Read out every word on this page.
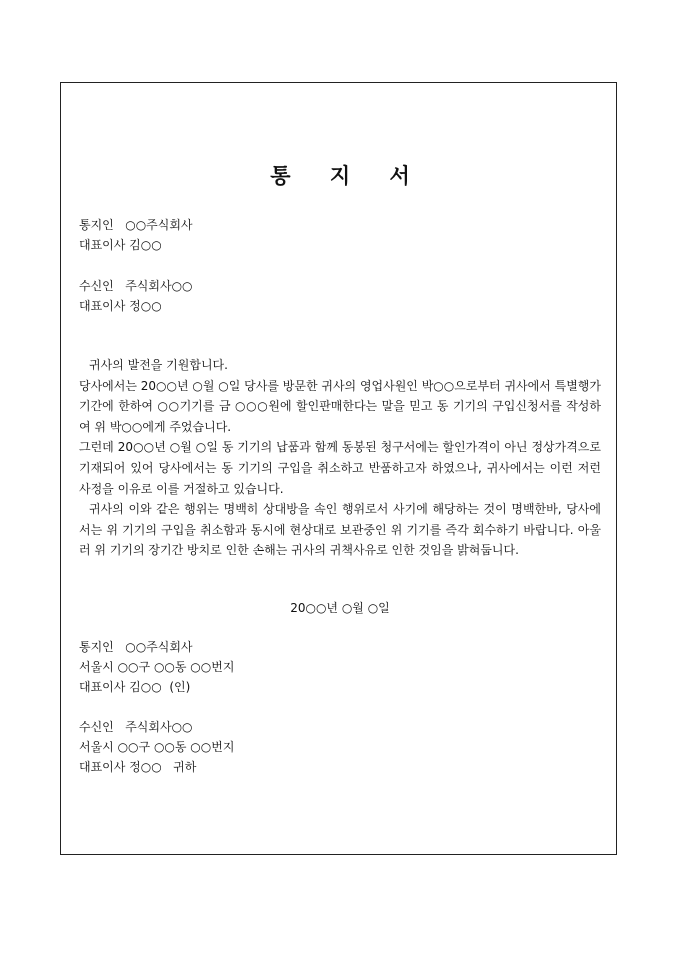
통 지 서
통지인   ○○주식회사
대표이사 김○○
수신인   주식회사○○
대표이사 정○○

귀사의 발전을 기원합니다.

당사에서는 20○○년 ○월 ○일 당사를 방문한 귀사의 영업사원인 박○○으로부터 귀사에서 특별행가기간에 한하여 ○○기기를 금 ○○○원에 할인판매한다는 말을 믿고 동 기기의 구입신청서를 작성하여 위 박○○에게 주었습니다.

그런데 20○○년 ○월 ○일 동 기기의 납품과 함께 동봉된 청구서에는 할인가격이 아닌 정상가격으로 기재되어 있어 당사에서는 동 기기의 구입을 취소하고 반품하고자 하였으나, 귀사에서는 이런 저런 사정을 이유로 이를 거절하고 있습니다.

귀사의 이와 같은 행위는 명백히 상대방을 속인 행위로서 사기에 해당하는 것이 명백한바, 당사에서는 위 기기의 구입을 취소함과 동시에 현상대로 보관중인 위 기기를 즉각 회수하기 바랍니다. 아울러 위 기기의 장기간 방치로 인한 손해는 귀사의 귀책사유로 인한 것임을 밝혀둡니다.

20○○년 ○월 ○일
통지인   ○○주식회사
서울시 ○○구 ○○동 ○○번지
대표이사 김○○  (인)
수신인   주식회사○○
서울시 ○○구 ○○동 ○○번지
대표이사 정○○   귀하
